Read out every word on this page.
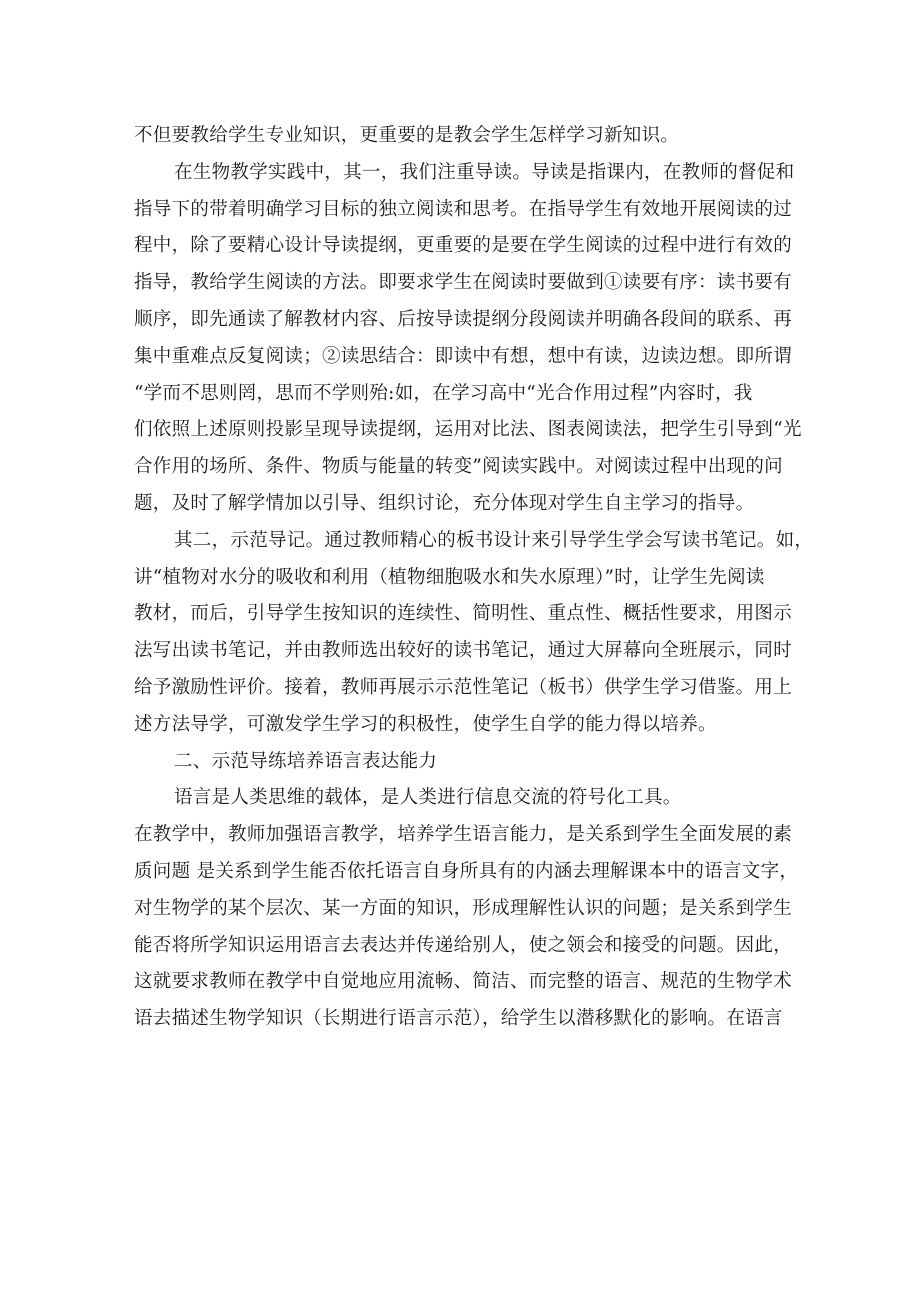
不但要教给学生专业知识，更重要的是教会学生怎样学习新知识。
在生物教学实践中，其一，我们注重导读。导读是指课内，在教师的督促和
指导下的带着明确学习目标的独立阅读和思考。在指导学生有效地开展阅读的过
程中，除了要精心设计导读提纲，更重要的是要在学生阅读的过程中进行有效的
指导，教给学生阅读的方法。即要求学生在阅读时要做到①读要有序：读书要有
顺序，即先通读了解教材内容、后按导读提纲分段阅读并明确各段间的联系、再
集中重难点反复阅读；②读思结合：即读中有想，想中有读，边读边想。即所谓
“学而不思则罔，思而不学则殆:如，在学习高中“光合作用过程”内容时，我
们依照上述原则投影呈现导读提纲，运用对比法、图表阅读法，把学生引导到“光
合作用的场所、条件、物质与能量的转变”阅读实践中。对阅读过程中出现的问
题，及时了解学情加以引导、组织讨论，充分体现对学生自主学习的指导。
其二，示范导记。通过教师精心的板书设计来引导学生学会写读书笔记。如，
讲“植物对水分的吸收和利用（植物细胞吸水和失水原理）”时，让学生先阅读
教材，而后，引导学生按知识的连续性、简明性、重点性、概括性要求，用图示
法写出读书笔记，并由教师选出较好的读书笔记，通过大屏幕向全班展示，同时
给予激励性评价。接着，教师再展示示范性笔记（板书）供学生学习借鉴。用上
述方法导学，可激发学生学习的积极性，使学生自学的能力得以培养。
二、示范导练培养语言表达能力
语言是人类思维的载体，是人类进行信息交流的符号化工具。
在教学中，教师加强语言教学，培养学生语言能力，是关系到学生全面发展的素
质问题 是关系到学生能否依托语言自身所具有的内涵去理解课本中的语言文字，
对生物学的某个层次、某一方面的知识，形成理解性认识的问题；是关系到学生
能否将所学知识运用语言去表达并传递给别人，使之领会和接受的问题。因此，
这就要求教师在教学中自觉地应用流畅、简洁、而完整的语言、规范的生物学术
语去描述生物学知识（长期进行语言示范），给学生以潜移默化的影响。在语言
